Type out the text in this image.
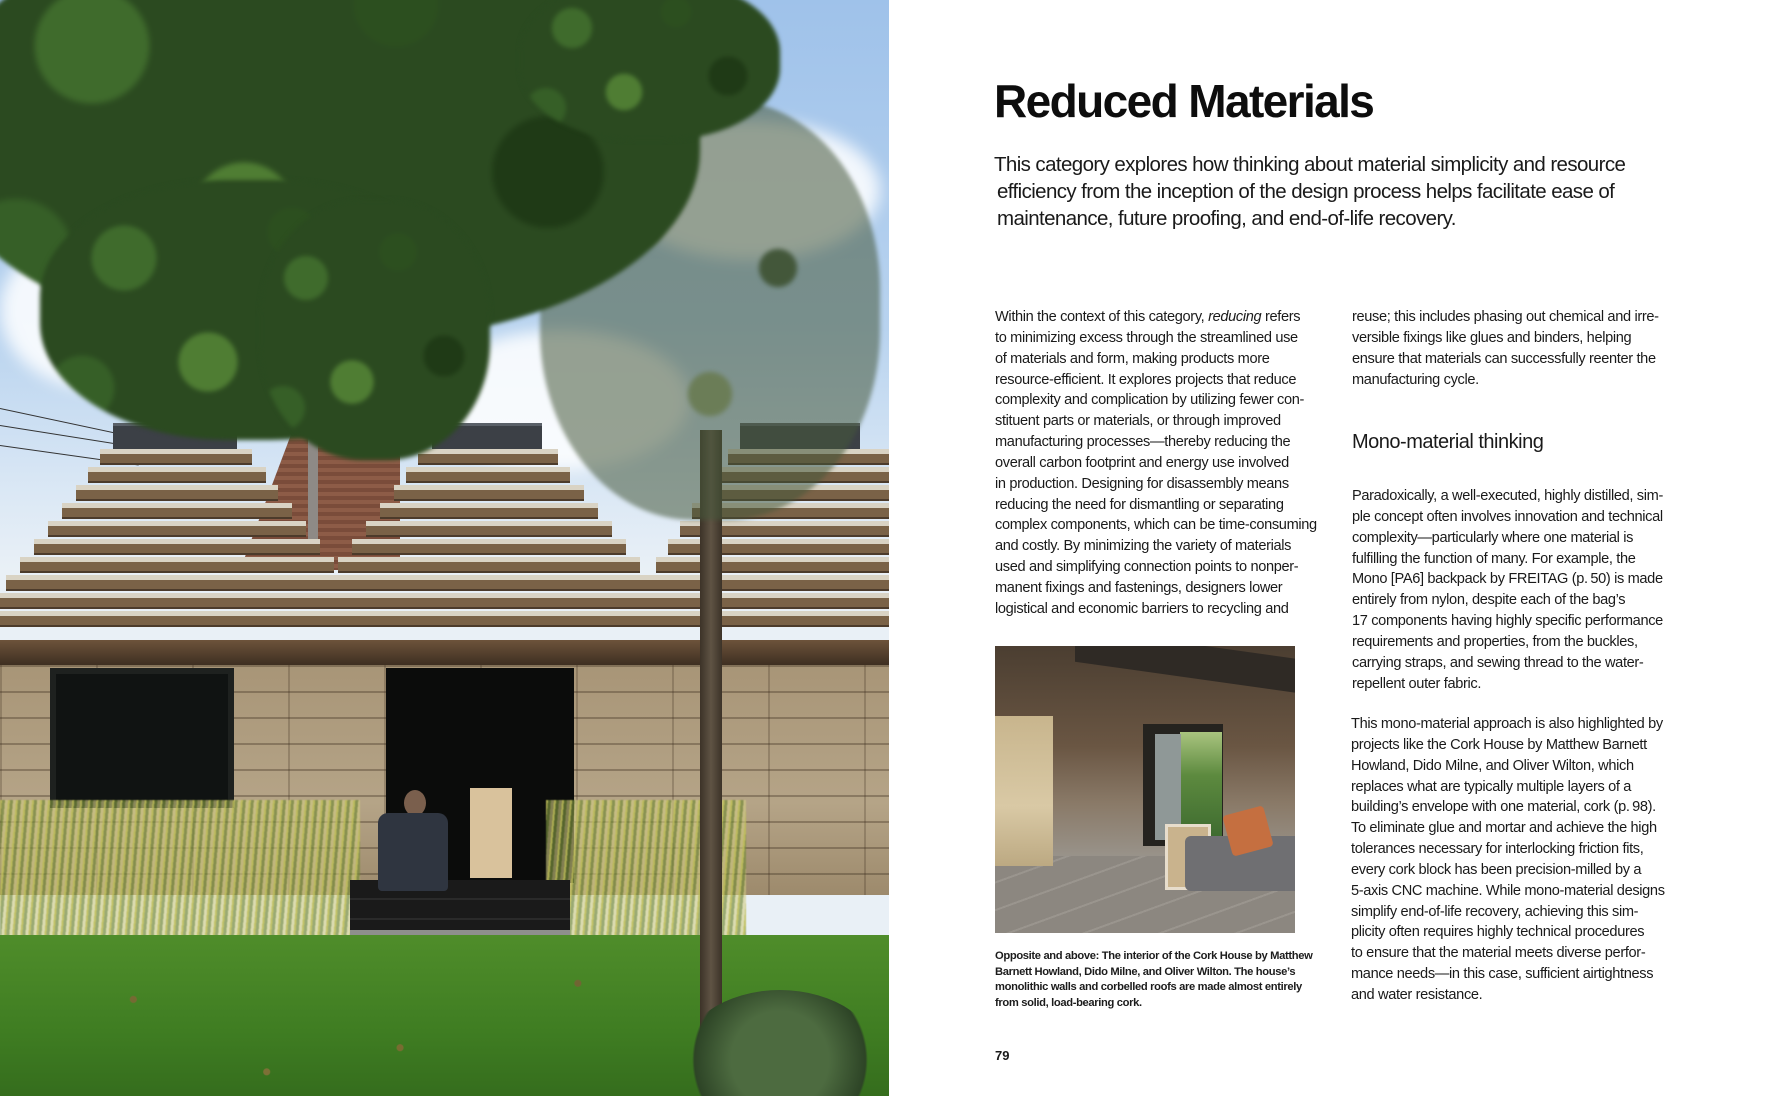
Reduced Materials
This category explores how thinking about material simplicity and resource
efficiency from the inception of the design process helps facilitate ease of
maintenance, future proofing, and end-of-life recovery.
Within the context of this category, reducing refers
to minimizing excess through the streamlined use
of materials and form, making products more
resource-efficient. It explores projects that reduce
complexity and complication by utilizing fewer con-
stituent parts or materials, or through improved
manufacturing processes—thereby reducing the
overall carbon footprint and energy use involved
in production. Designing for disassembly means
reducing the need for dismantling or separating
complex components, which can be time-consuming
and costly. By minimizing the variety of materials
used and simplifying connection points to nonper-
manent fixings and fastenings, designers lower
logistical and economic barriers to recycling and
reuse; this includes phasing out chemical and irre-
versible fixings like glues and binders, helping
ensure that materials can successfully reenter the
manufacturing cycle.
Mono-material thinking
Paradoxically, a well-executed, highly distilled, sim-
ple concept often involves innovation and technical
complexity—particularly where one material is
fulfilling the function of many. For example, the
Mono [PA6] backpack by FREITAG (p. 50) is made
entirely from nylon, despite each of the bag’s
17 components having highly specific performance
requirements and properties, from the buckles,
carrying straps, and sewing thread to the water-
repellent outer fabric.
This mono-material approach is also highlighted by
projects like the Cork House by Matthew Barnett
Howland, Dido Milne, and Oliver Wilton, which
replaces what are typically multiple layers of a
building’s envelope with one material, cork (p. 98).
To eliminate glue and mortar and achieve the high
tolerances necessary for interlocking friction fits,
every cork block has been precision-milled by a
5-axis CNC machine. While mono-material designs
simplify end-of-life recovery, achieving this sim-
plicity often requires highly technical procedures
to ensure that the material meets diverse perfor-
mance needs—in this case, sufficient airtightness
and water resistance.
Opposite and above: The interior of the Cork House by Matthew
Barnett Howland, Dido Milne, and Oliver Wilton. The house’s
monolithic walls and corbelled roofs are made almost entirely
from solid, load-bearing cork.
79
